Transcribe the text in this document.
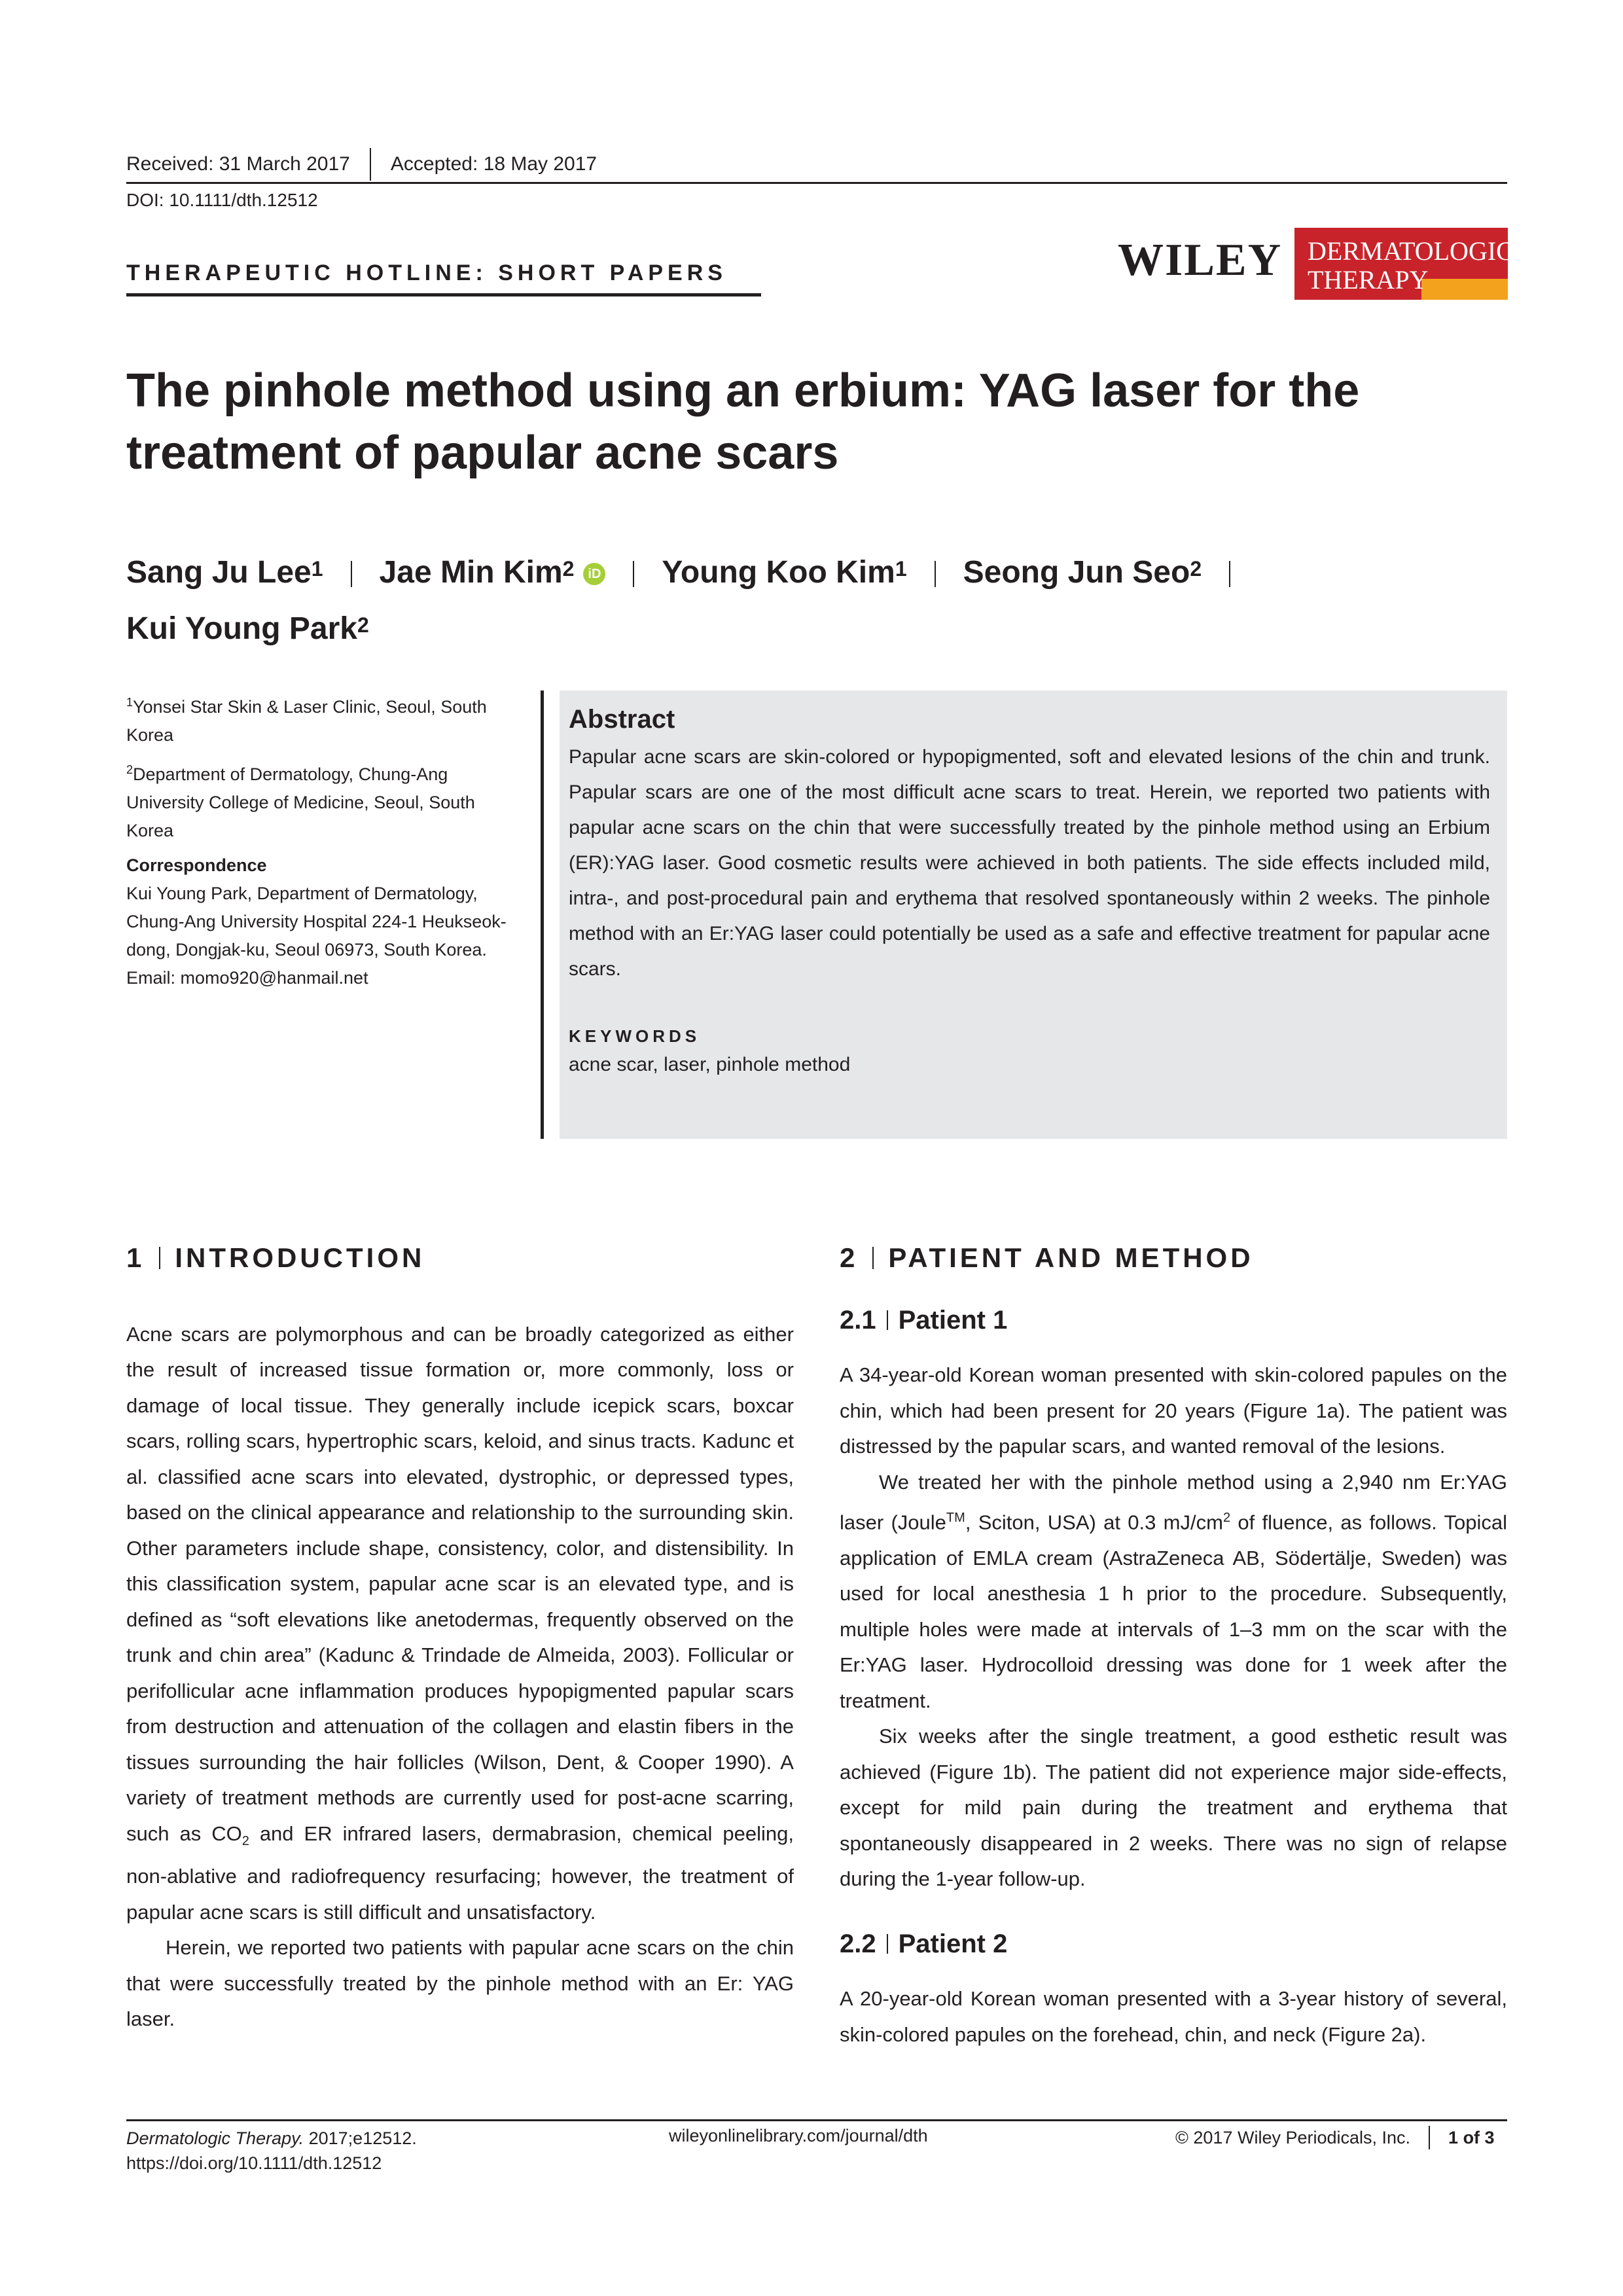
Received: 31 March 2017 Accepted: 18 May 2017
DOI: 10.1111/dth.12512
THERAPEUTIC HOTLINE: SHORT PAPERS	WILEY DERMATOLOGIC
THERAPY
The pinhole method using an erbium: YAG laser for the treatment of papular acne scars
Sang Ju Lee$^1$ Jae Min Kim$^2$ iD Young Koo Kim$^1$ Seong Jun Seo$^2$
Kui Young Park$^2$

$^1$Yonsei Star Skin & Laser Clinic, Seoul, South Korea

$^2$Department of Dermatology, Chung-Ang University College of Medicine, Seoul, South Korea

Correspondence

Kui Young Park, Department of Dermatology, Chung-Ang University Hospital 224-1 Heukseok-dong, Dongjak-ku, Seoul 06973, South Korea.
Email: momo920@hanmail.net
Abstract
Papular acne scars are skin-colored or hypopigmented, soft and elevated lesions of the chin and trunk. Papular scars are one of the most difficult acne scars to treat. Herein, we reported two patients with papular acne scars on the chin that were successfully treated by the pinhole method using an Erbium (ER):YAG laser. Good cosmetic results were achieved in both patients. The side effects included mild, intra-, and post-procedural pain and erythema that resolved spontaneously within 2 weeks. The pinhole method with an Er:YAG laser could potentially be used as a safe and effective treatment for papular acne scars.
KEYWORDS
acne scar, laser, pinhole method
1 INTRODUCTION

Acne scars are polymorphous and can be broadly categorized as either the result of increased tissue formation or, more commonly, loss or damage of local tissue. They generally include icepick scars, boxcar scars, rolling scars, hypertrophic scars, keloid, and sinus tracts. Kadunc et al. classified acne scars into elevated, dystrophic, or depressed types, based on the clinical appearance and relationship to the surrounding skin. Other parameters include shape, consistency, color, and distensibility. In this classification system, papular acne scar is an elevated type, and is defined as “soft elevations like anetodermas, frequently observed on the trunk and chin area” (Kadunc & Trindade de Almeida, 2003). Follicular or perifollicular acne inflammation produces hypopigmented papular scars from destruction and attenuation of the collagen and elastin fibers in the tissues surrounding the hair follicles (Wilson, Dent, & Cooper 1990). A variety of treatment methods are currently used for post-acne scarring, such as $CO_2$ and ER infrared lasers, dermabrasion, chemical peeling, non-ablative and radiofrequency resurfacing; however, the treatment of papular acne scars is still difficult and unsatisfactory.

Herein, we reported two patients with papular acne scars on the chin that were successfully treated by the pinhole method with an Er: YAG laser.

2 PATIENT AND METHOD
2.1 Patient 1

A 34-year-old Korean woman presented with skin-colored papules on the chin, which had been present for 20 years (Figure 1a). The patient was distressed by the papular scars, and wanted removal of the lesions.

We treated her with the pinhole method using a 2,940 nm Er:YAG laser (Joule™, Sciton, USA) at 0.3 $mJ/cm^2$ of fluence, as follows. Topical application of EMLA cream (AstraZeneca AB, Södertälje, Sweden) was used for local anesthesia 1 h prior to the procedure. Subsequently, multiple holes were made at intervals of 1–3 mm on the scar with the Er:YAG laser. Hydrocolloid dressing was done for 1 week after the treatment.

Six weeks after the single treatment, a good esthetic result was achieved (Figure 1b). The patient did not experience major side-effects, except for mild pain during the treatment and erythema that spontaneously disappeared in 2 weeks. There was no sign of relapse during the 1-year follow-up.

2.2 Patient 2

A 20-year-old Korean woman presented with a 3-year history of several, skin-colored papules on the forehead, chin, and neck (Figure 2a).

Dermatologic Therapy. 2017;e12512.
https://doi.org/10.1111/dth.12512
wileyonlinelibrary.com/journal/dth	© 2017 Wiley Periodicals, Inc. 1 of 3
